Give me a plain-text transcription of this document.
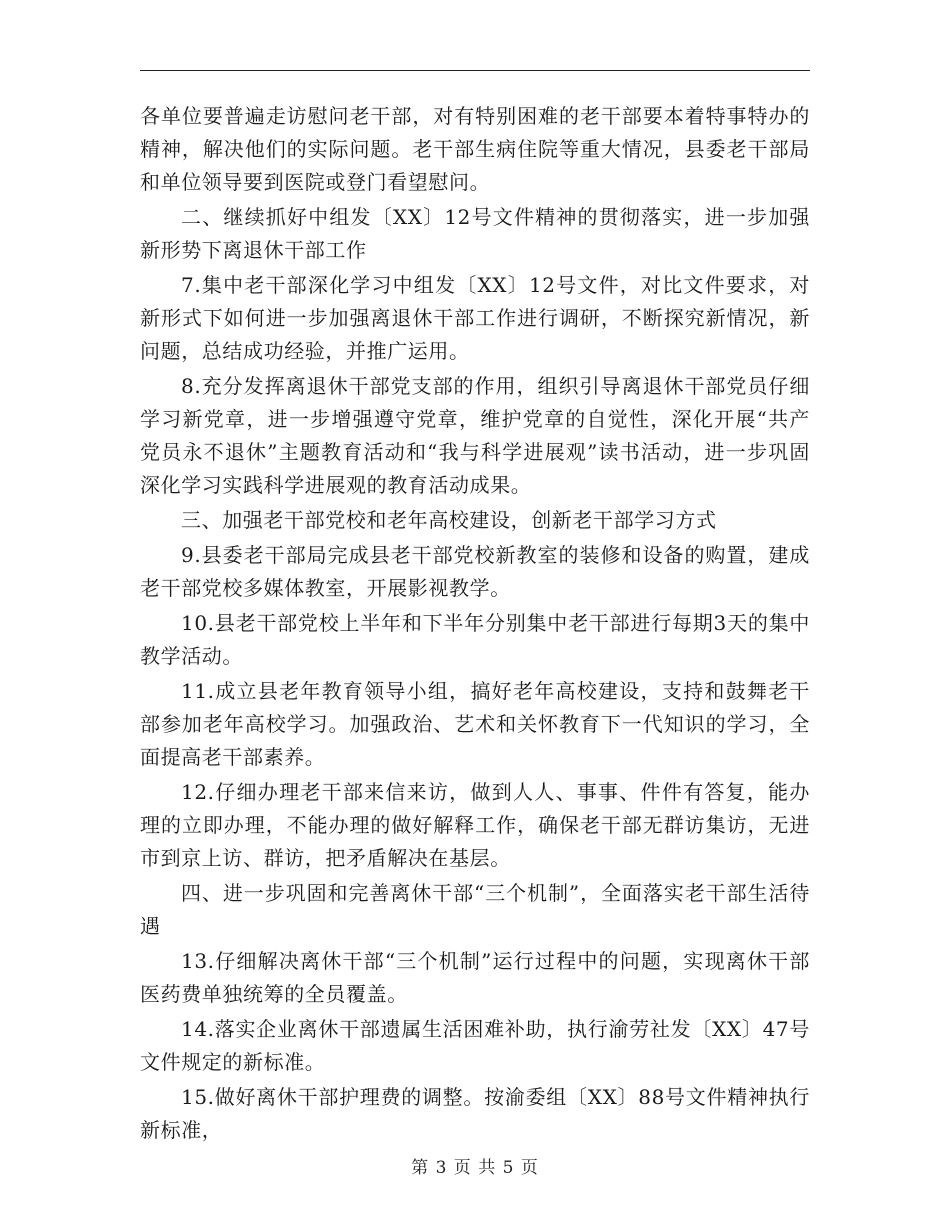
各单位要普遍走访慰问老干部，对有特别困难的老干部要本着特事特办的精神，解决他们的实际问题。老干部生病住院等重大情况，县委老干部局和单位领导要到医院或登门看望慰问。

二、继续抓好中组发〔XX〕12号文件精神的贯彻落实，进一步加强新形势下离退休干部工作

7.集中老干部深化学习中组发〔XX〕12号文件，对比文件要求，对新形式下如何进一步加强离退休干部工作进行调研，不断探究新情况，新问题，总结成功经验，并推广运用。

8.充分发挥离退休干部党支部的作用，组织引导离退休干部党员仔细学习新党章，进一步增强遵守党章，维护党章的自觉性，深化开展“共产党员永不退休”主题教育活动和“我与科学进展观”读书活动，进一步巩固深化学习实践科学进展观的教育活动成果。

三、加强老干部党校和老年高校建设，创新老干部学习方式

9.县委老干部局完成县老干部党校新教室的装修和设备的购置，建成老干部党校多媒体教室，开展影视教学。

10.县老干部党校上半年和下半年分别集中老干部进行每期3天的集中教学活动。

11.成立县老年教育领导小组，搞好老年高校建设，支持和鼓舞老干部参加老年高校学习。加强政治、艺术和关怀教育下一代知识的学习，全面提高老干部素养。

12.仔细办理老干部来信来访，做到人人、事事、件件有答复，能办理的立即办理，不能办理的做好解释工作，确保老干部无群访集访，无进市到京上访、群访，把矛盾解决在基层。

四、进一步巩固和完善离休干部“三个机制”，全面落实老干部生活待遇

13.仔细解决离休干部“三个机制”运行过程中的问题，实现离休干部医药费单独统筹的全员覆盖。

14.落实企业离休干部遗属生活困难补助，执行渝劳社发〔XX〕47号文件规定的新标准。

15.做好离休干部护理费的调整。按渝委组〔XX〕88号文件精神执行新标准，

第 3 页 共 5 页
